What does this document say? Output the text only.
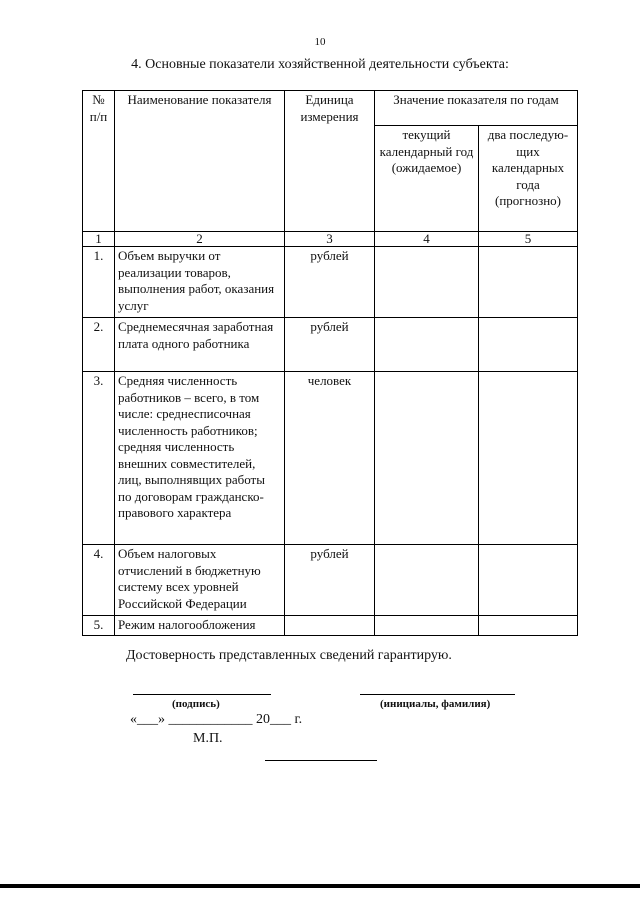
10
4. Основные показатели хозяйственной деятельности субъекта:
№ п/п	Наименование показателя	Единица измерения	Значение показателя по годам	
			текущий календарный год (ожидаемое)	два последую-щих календарных года (прогнозно)
1	2	3	4	5
1.	Объем выручки от реализации товаров, выполнения работ, оказания услуг	рублей		
2.	Среднемесячная заработная плата одного работника	рублей		
3.	Средняя численность работников – всего, в том числе: среднесписочная численность работников; средняя численность внешних совместителей, лиц, выполнявщих работы по договорам гражданско-правового характера	человек		
4.	Объем налоговых отчислений в бюджетную систему всех уровней Российской Федерации	рублей		
5.	Режим налогообложения			
Достоверность представленных сведений гарантирую.
(подпись)	(инициалы, фамилия)
«___» ____________ 20___ г.
М.П.
